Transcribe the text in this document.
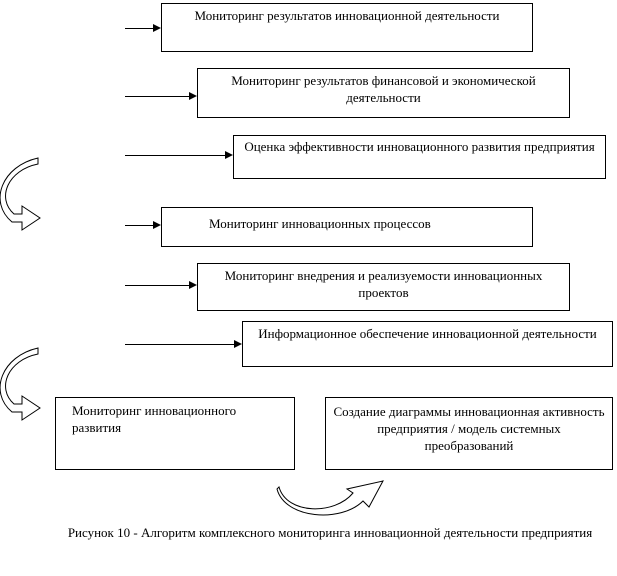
Мониторинг результатов инновационной деятельности
Мониторинг результатов финансовой и экономической деятельности
Оценка эффективности инновационного развития предприятия
Мониторинг инновационных процессов
Мониторинг внедрения и реализуемости инновационных проектов
Информационное обеспечение инновационной деятельности
Мониторинг инновационного развития
Создание диаграммы инновационная активность предприятия / модель системных преобразований
Рисунок 10 - Алгоритм комплексного мониторинга инновационной деятельности предприятия
